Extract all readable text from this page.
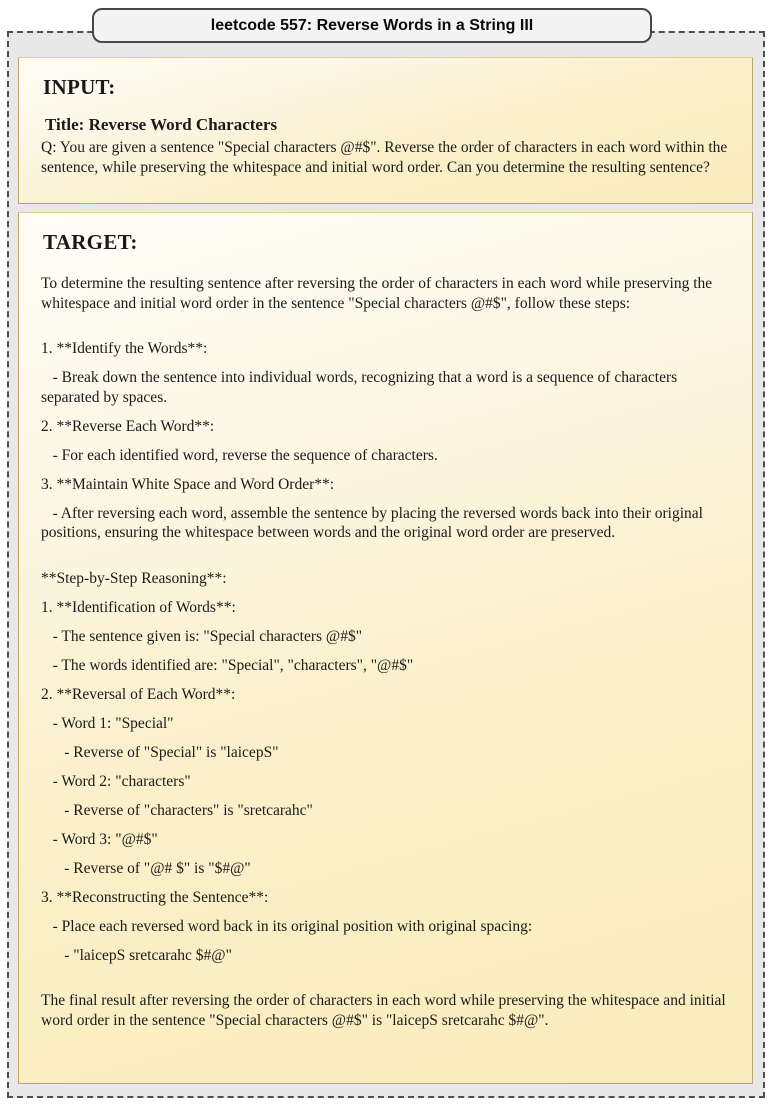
INPUT:
Title: Reverse Word Characters

Q: You are given a sentence "Special characters @#$". Reverse the order of characters in each word within the sentence, while preserving the whitespace and initial word order. Can you determine the resulting sentence?

TARGET:

To determine the resulting sentence after reversing the order of characters in each word while preserving the whitespace and initial word order in the sentence "Special characters @#$", follow these steps:

1. **Identify the Words**:

- Break down the sentence into individual words, recognizing that a word is a sequence of characters separated by spaces.

2. **Reverse Each Word**:

- For each identified word, reverse the sequence of characters.

3. **Maintain White Space and Word Order**:

- After reversing each word, assemble the sentence by placing the reversed words back into their original positions, ensuring the whitespace between words and the original word order are preserved.

**Step-by-Step Reasoning**:

1. **Identification of Words**:

- The sentence given is: "Special characters @#$"

- The words identified are: "Special", "characters", "@#$"

2. **Reversal of Each Word**:

- Word 1: "Special"

- Reverse of "Special" is "laicepS"

- Word 2: "characters"

- Reverse of "characters" is "sretcarahc"

- Word 3: "@#$"

- Reverse of "@# $" is "$#@"

3. **Reconstructing the Sentence**:

- Place each reversed word back in its original position with original spacing:

- "laicepS sretcarahc $#@"

The final result after reversing the order of characters in each word while preserving the whitespace and initial word order in the sentence "Special characters @#$" is "laicepS sretcarahc $#@".

leetcode 557: Reverse Words in a String III
